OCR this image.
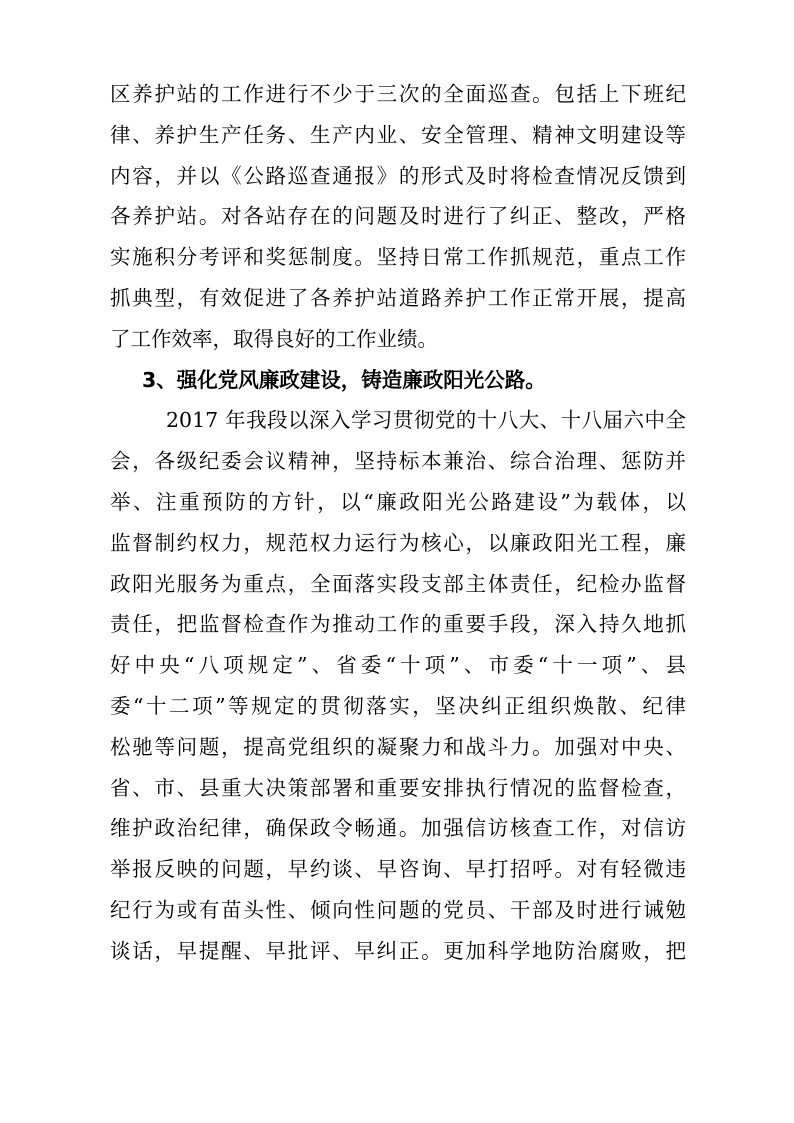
区养护站的工作进行不少于三次的全面巡查。包括上下班纪
律、养护生产任务、生产内业、安全管理、精神文明建设等
内容，并以《公路巡查通报》的形式及时将检查情况反馈到
各养护站。对各站存在的问题及时进行了纠正、整改，严格
实施积分考评和奖惩制度。坚持日常工作抓规范，重点工作
抓典型，有效促进了各养护站道路养护工作正常开展，提高
了工作效率，取得良好的工作业绩。
3、强化党风廉政建设，铸造廉政阳光公路。
2017 年我段以深入学习贯彻党的十八大、十八届六中全
会，各级纪委会议精神，坚持标本兼治、综合治理、惩防并
举、注重预防的方针，以“廉政阳光公路建设”为载体，以
监督制约权力，规范权力运行为核心，以廉政阳光工程，廉
政阳光服务为重点，全面落实段支部主体责任，纪检办监督
责任，把监督检查作为推动工作的重要手段，深入持久地抓
好中央“八项规定”、省委“十项”、市委“十一项”、县
委“十二项”等规定的贯彻落实，坚决纠正组织焕散、纪律
松驰等问题，提高党组织的凝聚力和战斗力。加强对中央、
省、市、县重大决策部署和重要安排执行情况的监督检查，
维护政治纪律，确保政令畅通。加强信访核查工作，对信访
举报反映的问题，早约谈、早咨询、早打招呼。对有轻微违
纪行为或有苗头性、倾向性问题的党员、干部及时进行诫勉
谈话，早提醒、早批评、早纠正。更加科学地防治腐败，把
